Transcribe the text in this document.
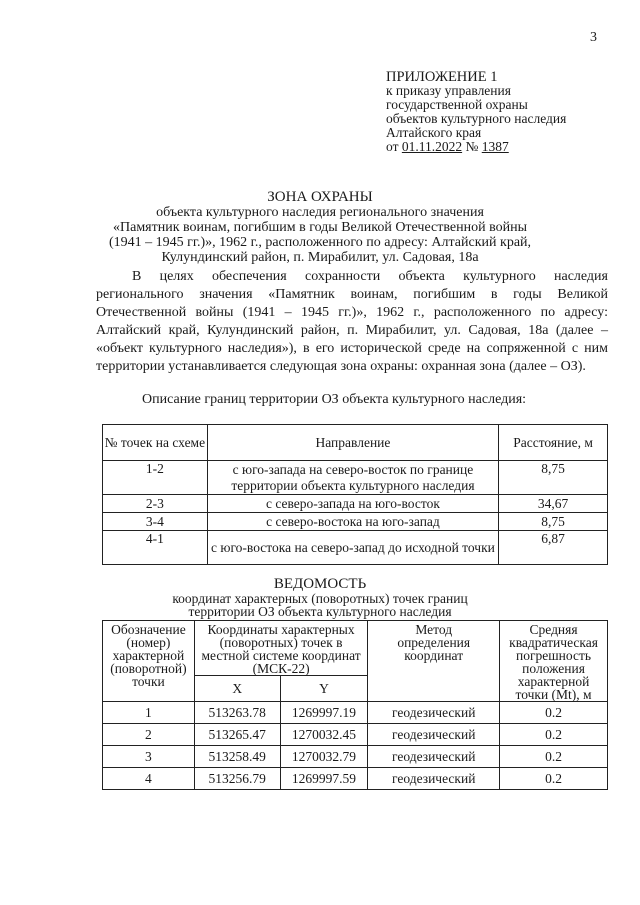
3
ПРИЛОЖЕНИЕ 1
к приказу управления
государственной охраны
объектов культурного наследия
Алтайского края
от 01.11.2022 № 1387
ЗОНА ОХРАНЫ
объекта культурного наследия регионального значения
«Памятник воинам, погибшим в годы Великой Отечественной войны
(1941 – 1945 гг.)», 1962 г., расположенного по адресу: Алтайский край,
Кулундинский район, п. Мирабилит, ул. Садовая, 18а

В целях обеспечения сохранности объекта культурного наследия регионального значения «Памятник воинам, погибшим в годы Великой Отечественной войны (1941 – 1945 гг.)», 1962 г., расположенного по адресу: Алтайский край, Кулундинский район, п. Мирабилит, ул. Садовая, 18а (далее – «объект культурного наследия»), в его исторической среде на сопряженной с ним территории устанавливается следующая зона охраны: охранная зона (далее – ОЗ).

Описание границ территории ОЗ объекта культурного наследия:
№ точек на схеме	Направление	Расстояние, м
1-2	с юго-запада на северо-восток по границе территории объекта культурного наследия	8,75
2-3	с северо-запада на юго-восток	34,67
3-4	с северо-востока на юго-запад	8,75
4-1	с юго-востока на северо-запад до исходной точки	6,87
ВЕДОМОСТЬ
координат характерных (поворотных) точек границ
территории ОЗ объекта культурного наследия
Обозначение (номер) характерной (поворотной) точки	Координаты характерных (поворотных) точек в местной системе координат (МСК-22)		Метод определения координат	Средняя квадратическая погрешность положения характерной точки (Mt), м
	X	Y		
1	513263.78	1269997.19	геодезический	0.2
2	513265.47	1270032.45	геодезический	0.2
3	513258.49	1270032.79	геодезический	0.2
4	513256.79	1269997.59	геодезический	0.2
